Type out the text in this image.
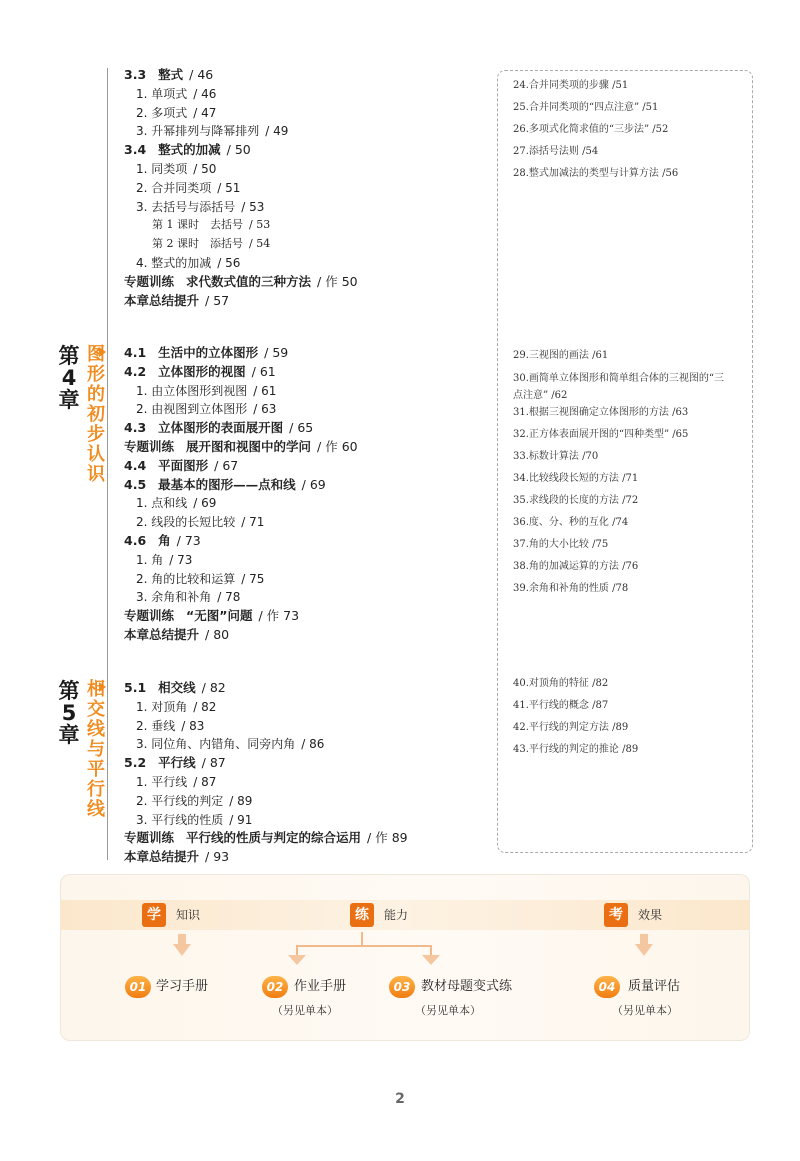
3.3 整式 / 46
1. 单项式 / 46
2. 多项式 / 47
3. 升幂排列与降幂排列 / 49
3.4 整式的加减 / 50
1. 同类项 / 50
2. 合并同类项 / 51
3. 去括号与添括号 / 53
第 1 课时　去括号 / 53
第 2 课时　添括号 / 54
4. 整式的加减 / 56
专题训练 求代数式值的三种方法 / 作 50
本章总结提升 / 57
第
4
章
图
形
的
初
步
认
识
4.1 生活中的立体图形 / 59
4.2 立体图形的视图 / 61
1. 由立体图形到视图 / 61
2. 由视图到立体图形 / 63
4.3 立体图形的表面展开图 / 65
专题训练 展开图和视图中的学问 / 作 60
4.4 平面图形 / 67
4.5 最基本的图形——点和线 / 69
1. 点和线 / 69
2. 线段的长短比较 / 71
4.6 角 / 73
1. 角 / 73
2. 角的比较和运算 / 75
3. 余角和补角 / 78
专题训练 “无图”问题 / 作 73
本章总结提升 / 80
第
5
章
相
交
线
与
平
行
线
5.1 相交线 / 82
1. 对顶角 / 82
2. 垂线 / 83
3. 同位角、内错角、同旁内角 / 86
5.2 平行线 / 87
1. 平行线 / 87
2. 平行线的判定 / 89
3. 平行线的性质 / 91
专题训练 平行线的性质与判定的综合运用 / 作 89
本章总结提升 / 93
24.合并同类项的步骤 /51
25.合并同类项的“四点注意” /51
26.多项式化简求值的“三步法” /52
27.添括号法则 /54
28.整式加减法的类型与计算方法 /56
29.三视图的画法 /61
30.画简单立体图形和简单组合体的三视图的“三点注意” /62
31.根据三视图确定立体图形的方法 /63
32.正方体表面展开图的“四种类型” /65
33.标数计算法 /70
34.比较线段长短的方法 /71
35.求线段的长度的方法 /72
36.度、分、秒的互化 /74
37.角的大小比较 /75
38.角的加减运算的方法 /76
39.余角和补角的性质 /78
40.对顶角的特征 /82
41.平行线的概念 /87
42.平行线的判定方法 /89
43.平行线的判定的推论 /89
学	知识	练	能力	考	效果
01 学习手册	02 作业手册
（另见单本）
03 教材母题变式练
（另见单本）
04 质量评估
（另见单本）
2
